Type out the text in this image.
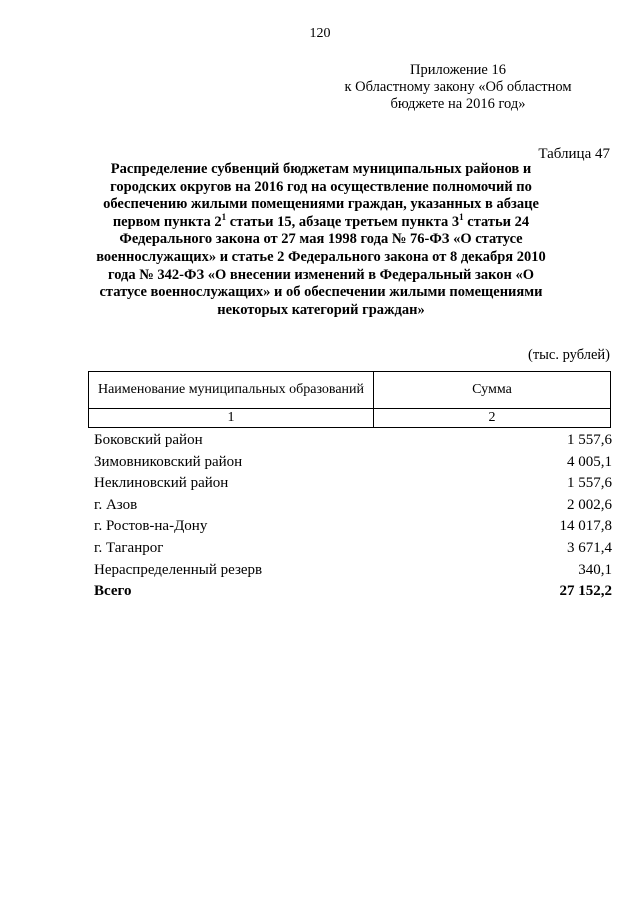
120
Приложение 16
к Областному закону «Об областном
бюджете на 2016 год»
Таблица 47
Распределение субвенций бюджетам муниципальных районов и городских округов на 2016 год на осуществление полномочий по обеспечению жилыми помещениями граждан, указанных в абзаце первом пункта $2^1$ статьи 15, абзаце третьем пункта $3^1$ статьи 24 Федерального закона от 27 мая 1998 года № 76-ФЗ «О статусе военнослужащих» и статье 2 Федерального закона от 8 декабря 2010 года № 342-ФЗ «О внесении изменений в Федеральный закон «О статусе военнослужащих» и об обеспечении жилыми помещениями некоторых категорий граждан»
(тыс. рублей)
Наименование муниципальных образований	Сумма
1	2
Боковский район	1 557,6
Зимовниковский район	4 005,1
Неклиновский район	1 557,6
г. Азов	2 002,6
г. Ростов-на-Дону	14 017,8
г. Таганрог	3 671,4
Нераспределенный резерв	340,1
Всего	27 152,2
